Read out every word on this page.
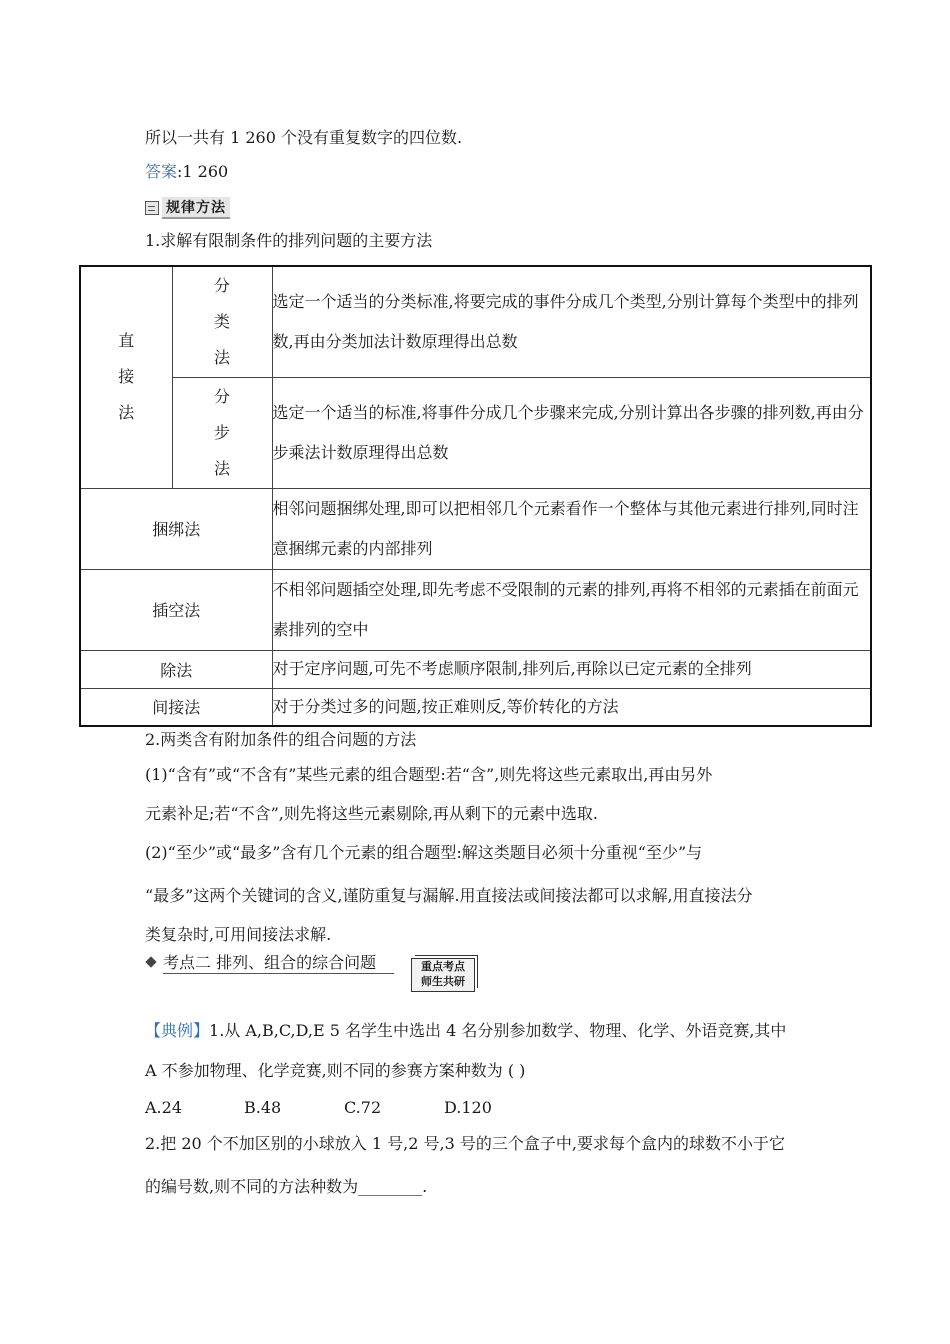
所以一共有 1 260 个没有重复数字的四位数.
答案:1 260
规律方法
1.求解有限制条件的排列问题的主要方法
直接法	分类法	选定一个适当的分类标准,将要完成的事件分成几个类型,分别计算每个类型中的排列数,再由分类加法计数原理得出总数
	分步法	选定一个适当的标准,将事件分成几个步骤来完成,分别计算出各步骤的排列数,再由分步乘法计数原理得出总数
捆绑法		相邻问题捆绑处理,即可以把相邻几个元素看作一个整体与其他元素进行排列,同时注意捆绑元素的内部排列
插空法		不相邻问题插空处理,即先考虑不受限制的元素的排列,再将不相邻的元素插在前面元素排列的空中
除法		对于定序问题,可先不考虑顺序限制,排列后,再除以已定元素的全排列
间接法		对于分类过多的问题,按正难则反,等价转化的方法
2.两类含有附加条件的组合问题的方法
(1)“含有”或“不含有”某些元素的组合题型:若“含”,则先将这些元素取出,再由另外
元素补足;若“不含”,则先将这些元素剔除,再从剩下的元素中选取.
(2)“至少”或“最多”含有几个元素的组合题型:解这类题目必须十分重视“至少”与
“最多”这两个关键词的含义,谨防重复与漏解.用直接法或间接法都可以求解,用直接法分
类复杂时,可用间接法求解.
考点二 排列、组合的综合问题	重点考点
师生共研
【典例】1.从 A,B,C,D,E 5 名学生中选出 4 名分别参加数学、物理、化学、外语竞赛,其中
A 不参加物理、化学竞赛,则不同的参赛方案种数为 ( )
A.24	B.48	C.72	D.120
2.把 20 个不加区别的小球放入 1 号,2 号,3 号的三个盒子中,要求每个盒内的球数不小于它
的编号数,则不同的方法种数为________.
